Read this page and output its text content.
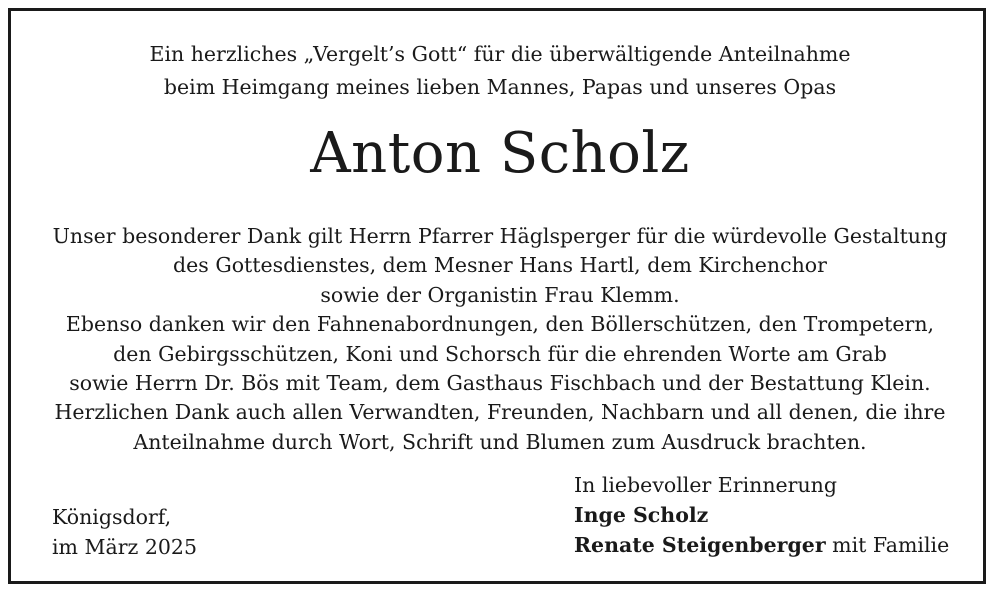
Ein herzliches „Vergelt’s Gott“ für die überwältigende Anteilnahme
beim Heimgang meines lieben Mannes, Papas und unseres Opas
Anton Scholz
Unser besonderer Dank gilt Herrn Pfarrer Häglsperger für die würdevolle Gestaltung
des Gottesdienstes, dem Mesner Hans Hartl, dem Kirchenchor
sowie der Organistin Frau Klemm.
Ebenso danken wir den Fahnenabordnungen, den Böllerschützen, den Trompetern,
den Gebirgsschützen, Koni und Schorsch für die ehrenden Worte am Grab
sowie Herrn Dr. Bös mit Team, dem Gasthaus Fischbach und der Bestattung Klein.
Herzlichen Dank auch allen Verwandten, Freunden, Nachbarn und all denen, die ihre
Anteilnahme durch Wort, Schrift und Blumen zum Ausdruck brachten.
Königsdorf,
im März 2025
In liebevoller Erinnerung
Inge Scholz
Renate Steigenberger mit Familie
